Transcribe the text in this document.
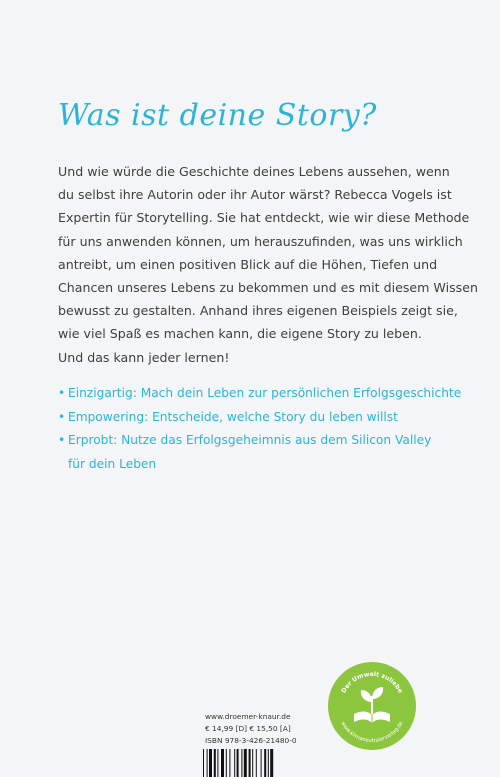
Was ist deine Story?

Und wie würde die Geschichte deines Lebens aussehen, wenn
du selbst ihre Autorin oder ihr Autor wärst? Rebecca Vogels ist
Expertin für Storytelling. Sie hat entdeckt, wie wir diese Methode
für uns anwenden können, um herauszufinden, was uns wirklich
antreibt, um einen positiven Blick auf die Höhen, Tiefen und
Chancen unseres Lebens zu bekommen und es mit diesem Wissen
bewusst zu gestalten. Anhand ihres eigenen Beispiels zeigt sie,
wie viel Spaß es machen kann, die eigene Story zu leben.
Und das kann jeder lernen!

• Einzigartig: Mach dein Leben zur persönlichen Erfolgsgeschichte
• Empowering: Entscheide, welche Story du leben willst
• Erprobt: Nutze das Erfolgsgeheimnis aus dem Silicon Valley
für dein Leben
Der Umwelt zuliebe
www.klimaneutralerverlag.de
www.droemer-knaur.de
€ 14,99 [D] € 15,50 [A]
ISBN 978-3-426-21480-0
